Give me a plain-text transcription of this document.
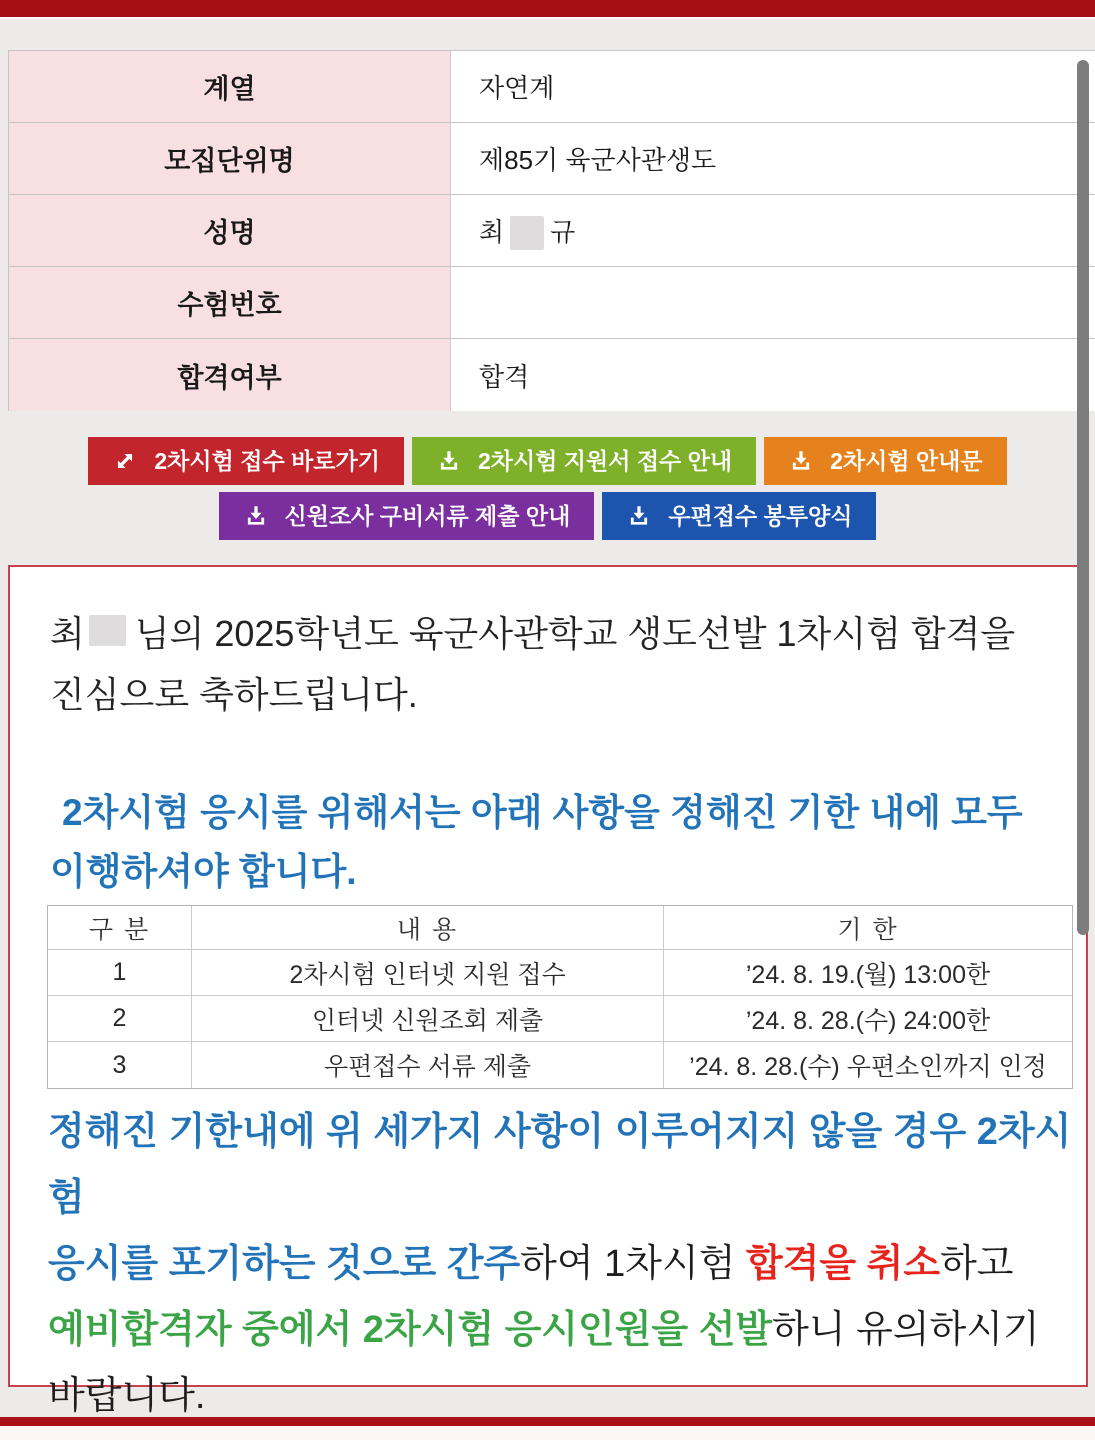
계열	자연계
모집단위명	제85기 육군사관생도
성명	최 규
수험번호
합격여부	합격
2차시험 접수 바로가기	2차시험 지원서 접수 안내	2차시험 안내문
신원조사 구비서류 제출 안내	우편접수 봉투양식
최 님의 2025학년도 육군사관학교 생도선발 1차시험 합격을
진심으로 축하드립니다.
2차시험 응시를 위해서는 아래 사항을 정해진 기한 내에 모두
이행하셔야 합니다.
구 분	내 용	기 한
1	2차시험 인터넷 지원 접수	’24. 8. 19.(월) 13:00한
2	인터넷 신원조회 제출	’24. 8. 28.(수) 24:00한
3	우편접수 서류 제출	’24. 8. 28.(수) 우편소인까지 인정
정해진 기한내에 위 세가지 사항이 이루어지지 않을 경우 2차시험
응시를 포기하는 것으로 간주하여 1차시험 합격을 취소하고
예비합격자 중에서 2차시험 응시인원을 선발하니 유의하시기
바랍니다.
